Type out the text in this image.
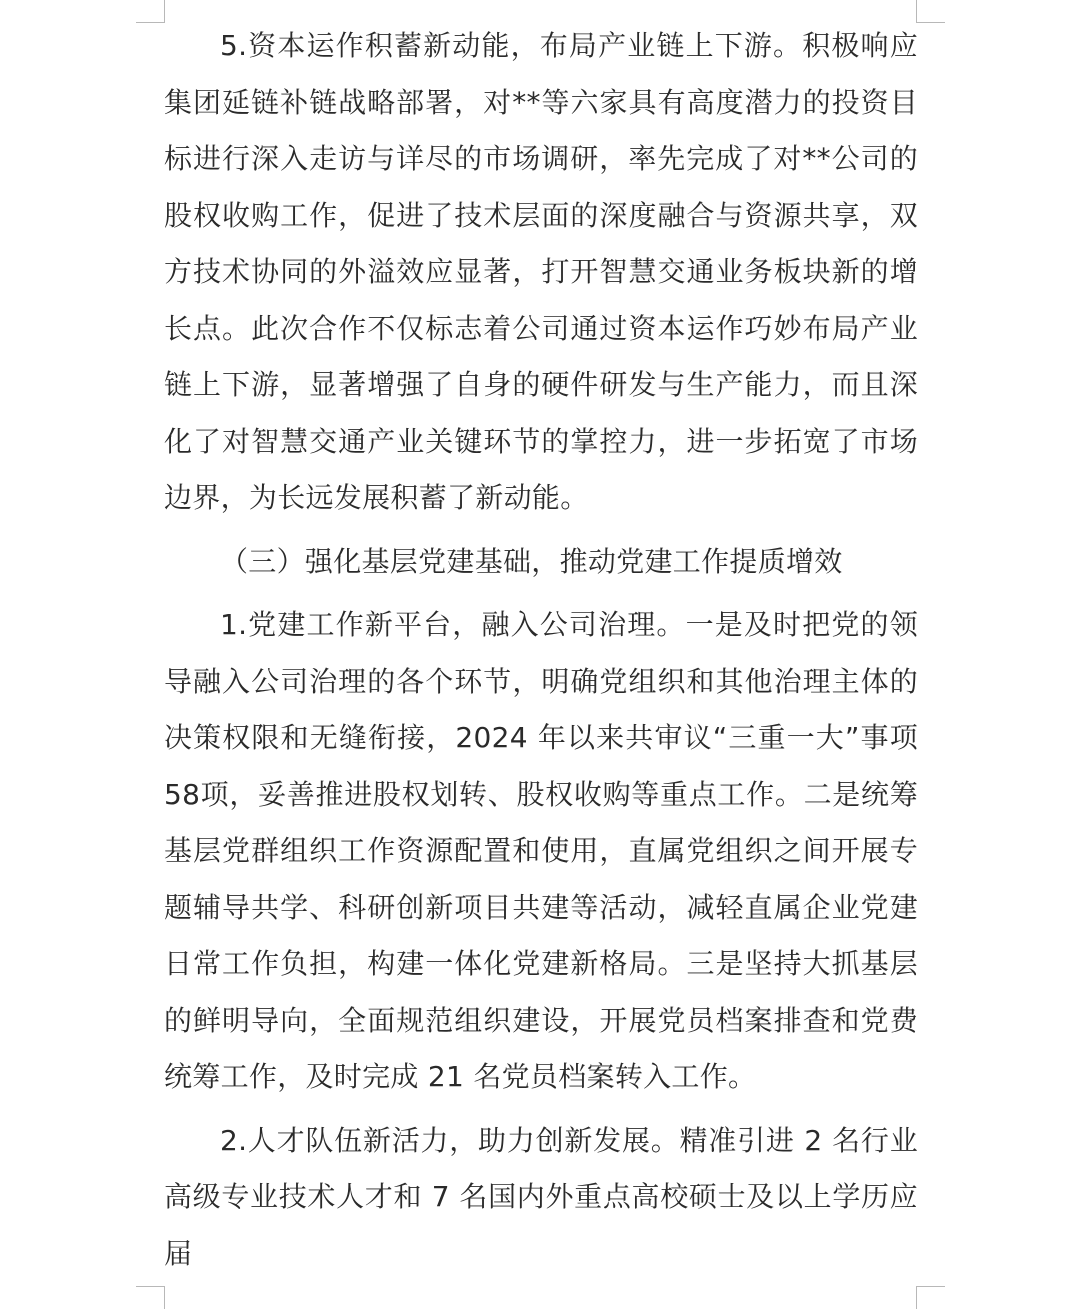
5.资本运作积蓄新动能，布局产业链上下游。积极响应集团延链补链战略部署，对**等六家具有高度潜力的投资目标进行深入走访与详尽的市场调研，率先完成了对**公司的股权收购工作，促进了技术层面的深度融合与资源共享，双方技术协同的外溢效应显著，打开智慧交通业务板块新的增长点。此次合作不仅标志着公司通过资本运作巧妙布局产业链上下游，显著增强了自身的硬件研发与生产能力，而且深化了对智慧交通产业关键环节的掌控力，进一步拓宽了市场边界，为长远发展积蓄了新动能。

（三）强化基层党建基础，推动党建工作提质增效

1.党建工作新平台，融入公司治理。一是及时把党的领导融入公司治理的各个环节，明确党组织和其他治理主体的决策权限和无缝衔接，2024 年以来共审议“三重一大”事项 58项，妥善推进股权划转、股权收购等重点工作。二是统筹基层党群组织工作资源配置和使用，直属党组织之间开展专题辅导共学、科研创新项目共建等活动，减轻直属企业党建日常工作负担，构建一体化党建新格局。三是坚持大抓基层的鲜明导向，全面规范组织建设，开展党员档案排查和党费统筹工作，及时完成 21 名党员档案转入工作。

2.人才队伍新活力，助力创新发展。精准引进 2 名行业高级专业技术人才和 7 名国内外重点高校硕士及以上学历应届
